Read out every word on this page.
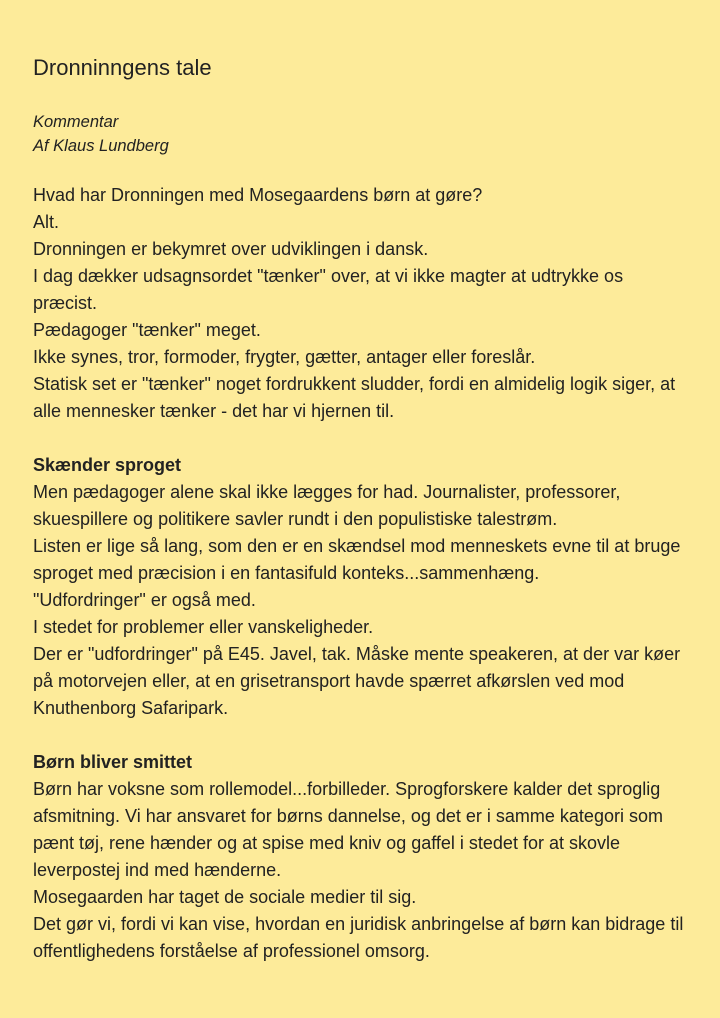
Dronninngens tale
Kommentar
Af Klaus Lundberg

Hvad har Dronningen med Mosegaardens børn at gøre?

Alt.

Dronningen er bekymret over udviklingen i dansk.

I dag dækker udsagnsordet "tænker" over, at vi ikke magter at udtrykke os præcist.

Pædagoger "tænker" meget.

Ikke synes, tror, formoder, frygter, gætter, antager eller foreslår.

Statisk set er "tænker" noget fordrukkent sludder, fordi en almidelig logik siger, at alle mennesker tænker - det har vi hjernen til.

Skænder sproget

Men pædagoger alene skal ikke lægges for had. Journalister, professorer, skuespillere og politikere savler rundt i den populistiske talestrøm.

Listen er lige så lang, som den er en skændsel mod menneskets evne til at bruge sproget med præcision i en fantasifuld konteks...sammenhæng.

"Udfordringer" er også med.

I stedet for problemer eller vanskeligheder.

Der er "udfordringer" på E45. Javel, tak. Måske mente speakeren, at der var køer på motorvejen eller, at en grisetransport havde spærret afkørslen ved mod Knuthenborg Safaripark.

Børn bliver smittet

Børn har voksne som rollemodel...forbilleder. Sprogforskere kalder det sproglig afsmitning. Vi har ansvaret for børns dannelse, og det er i samme kategori som pænt tøj, rene hænder og at spise med kniv og gaffel i stedet for at skovle leverpostej ind med hænderne.

Mosegaarden har taget de sociale medier til sig.

Det gør vi, fordi vi kan vise, hvordan en juridisk anbringelse af børn kan bidrage til offentlighedens forståelse af professionel omsorg.
